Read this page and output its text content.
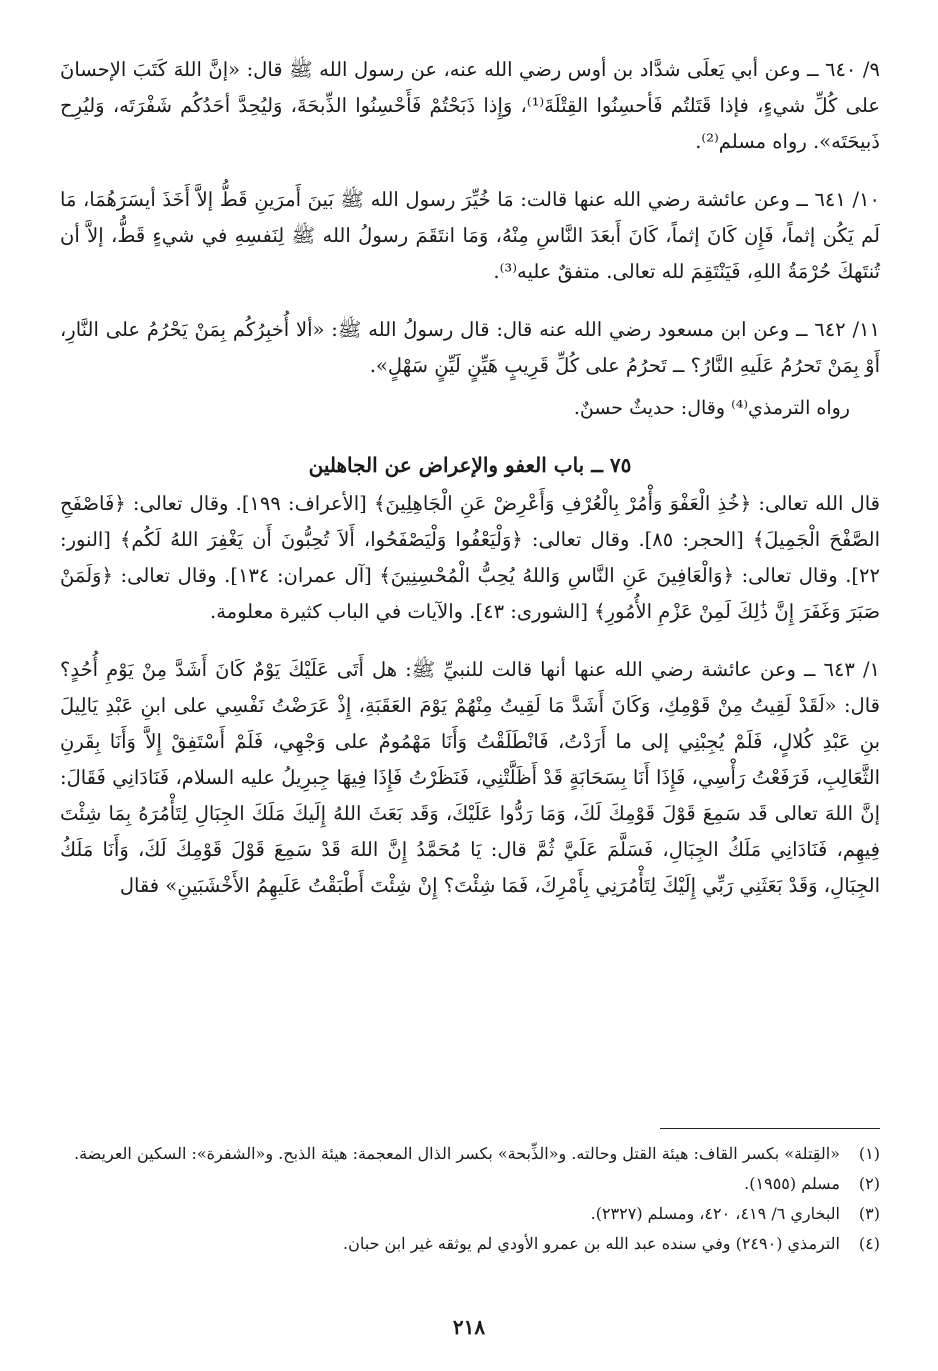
٩/ ٦٤٠ ــ وعن أبي يَعلَى شدَّاد بن أوس رضي الله عنه، عن رسول الله ﷺ قال: «إنَّ اللهَ كَتَبَ الإحسانَ على كُلِّ شيءٍ، فإذا قَتَلتُم فَأحسِنُوا القِتْلَةَ⁽¹⁾، وَإِذا ذَبَحْتُمْ فَأَحْسِنُوا الذِّبحَةَ، وَليُحِدَّ أحَدُكُم شَفْرَتَه، وَليُرِح ذَبيحَتَه». رواه مسلم⁽²⁾.

١٠/ ٦٤١ ــ وعن عائشة رضي الله عنها قالت: مَا خُيِّرَ رسول الله ﷺ بَينَ أَمرَينِ قَطُّ إلاَّ أَخَذَ أيسَرَهُمَا، مَا لَم يَكُن إثماً، فَإِن كَانَ إثماً، كَانَ أَبعَدَ النَّاسِ مِنْهُ، وَمَا انتَقَمَ رسولُ الله ﷺ لِنَفسِهِ في شيءٍ قَطُّ، إلاَّ أن تُنتَهكَ حُرْمَةُ اللهِ، فَيَنْتَقِمَ لله تعالى. متفقٌ عليه⁽³⁾.

١١/ ٦٤٢ ــ وعن ابن مسعود رضي الله عنه قال: قال رسولُ الله ﷺ: «ألا أُخبِرُكُم بِمَنْ يَحْرُمُ على النَّارِ، أَوْ بِمَنْ تَحرُمُ عَلَيهِ النَّارُ؟ ــ تَحرُمُ على كُلِّ قَرِيبٍ هَيِّنٍ لَيِّنٍ سَهْلٍ».

رواه الترمذي⁽⁴⁾ وقال: حديثٌ حسنٌ.

٧٥ ــ باب العفو والإعراض عن الجاهلين

قال الله تعالى: ﴿خُذِ الْعَفْوَ وَأْمُرْ بِالْعُرْفِ وَأَعْرِضْ عَنِ الْجَاهِلِينَ﴾ [الأعراف: ١٩٩]. وقال تعالى: ﴿فَاصْفَحِ الصَّفْحَ الْجَمِيلَ﴾ [الحجر: ٨٥]. وقال تعالى: ﴿وَلْيَعْفُوا وَلْيَصْفَحُوا، أَلاَ تُحِبُّونَ أَن يَغْفِرَ اللهُ لَكُم﴾ [النور: ٢٢]. وقال تعالى: ﴿وَالْعَافِينَ عَنِ النَّاسِ وَاللهُ يُحِبُّ الْمُحْسِنِينَ﴾ [آل عمران: ١٣٤]. وقال تعالى: ﴿وَلَمَنْ صَبَرَ وَغَفَرَ إِنَّ ذَٰلِكَ لَمِنْ عَزْمِ الأُمُورِ﴾ [الشورى: ٤٣]. والآيات في الباب كثيرة معلومة.

١/ ٦٤٣ ــ وعن عائشة رضي الله عنها أنها قالت للنبيِّ ﷺ: هل أَتَى عَلَيْكَ يَوْمٌ كَانَ أَشَدَّ مِنْ يَوْمِ أُحُدٍ؟ قال: «لَقَدْ لَقِيتُ مِنْ قَوْمِكِ، وَكَانَ أَشَدَّ مَا لَقِيتُ مِنْهُمْ يَوْمَ العَقَبَةِ، إِذْ عَرَضْتُ نَفْسِي على ابنِ عَبْدِ يَالِيلَ بنِ عَبْدِ كُلالٍ، فَلَمْ يُجِبْنِي إلى ما أَرَدْتُ، فَانْطَلَقْتُ وَأَنَا مَهْمُومٌ على وَجْهِي، فَلَمْ أَسْتَفِقْ إِلاَّ وَأَنَا بِقَرنِ الثَّعَالِبِ، فَرَفَعْتُ رَأْسِي، فَإِذَا أَنَا بِسَحَابَةٍ قَدْ أَظَلَّتْنِي، فَنَظَرْتُ فَإِذَا فِيهَا جِبرِيلُ عليه السلام، فَنَادَانِي فَقَالَ: إنَّ اللهَ تعالى قَد سَمِعَ قَوْلَ قَوْمِكَ لَكَ، وَمَا رَدُّوا عَلَيْكَ، وَقَد بَعَثَ اللهُ إِلَيكَ مَلَكَ الجِبَالِ لِتَأْمُرَهُ بِمَا شِئْتَ فِيهِم، فَنَادَانِي مَلَكُ الجِبَالِ، فَسَلَّمَ عَلَيَّ ثُمَّ قال: يَا مُحَمَّدُ إِنَّ اللهَ قَدْ سَمِعَ قَوْلَ قَوْمِكَ لَكَ، وَأَنَا مَلَكُ الجِبَالِ، وَقَدْ بَعَثَنِي رَبِّي إِلَيْكَ لِتَأْمُرَنِي بِأَمْرِكَ، فَمَا شِئْتَ؟ إِنْ شِئْتَ أَطْبَقْتُ عَلَيهِمُ الأَخْشَبَينِ» فقال

(١)
«القِتلة» بكسر القاف: هيئة القتل وحالته. و«الذِّبحة» بكسر الذال المعجمة: هيئة الذبح. و«الشفرة»: السكين العريضة.
(٢)
مسلم (١٩٥٥).
(٣)
البخاري ٦/ ٤١٩، ٤٢٠، ومسلم (٢٣٢٧).
(٤)
الترمذي (٢٤٩٠) وفي سنده عبد الله بن عمرو الأودي لم يوثقه غير ابن حبان.
٢١٨
